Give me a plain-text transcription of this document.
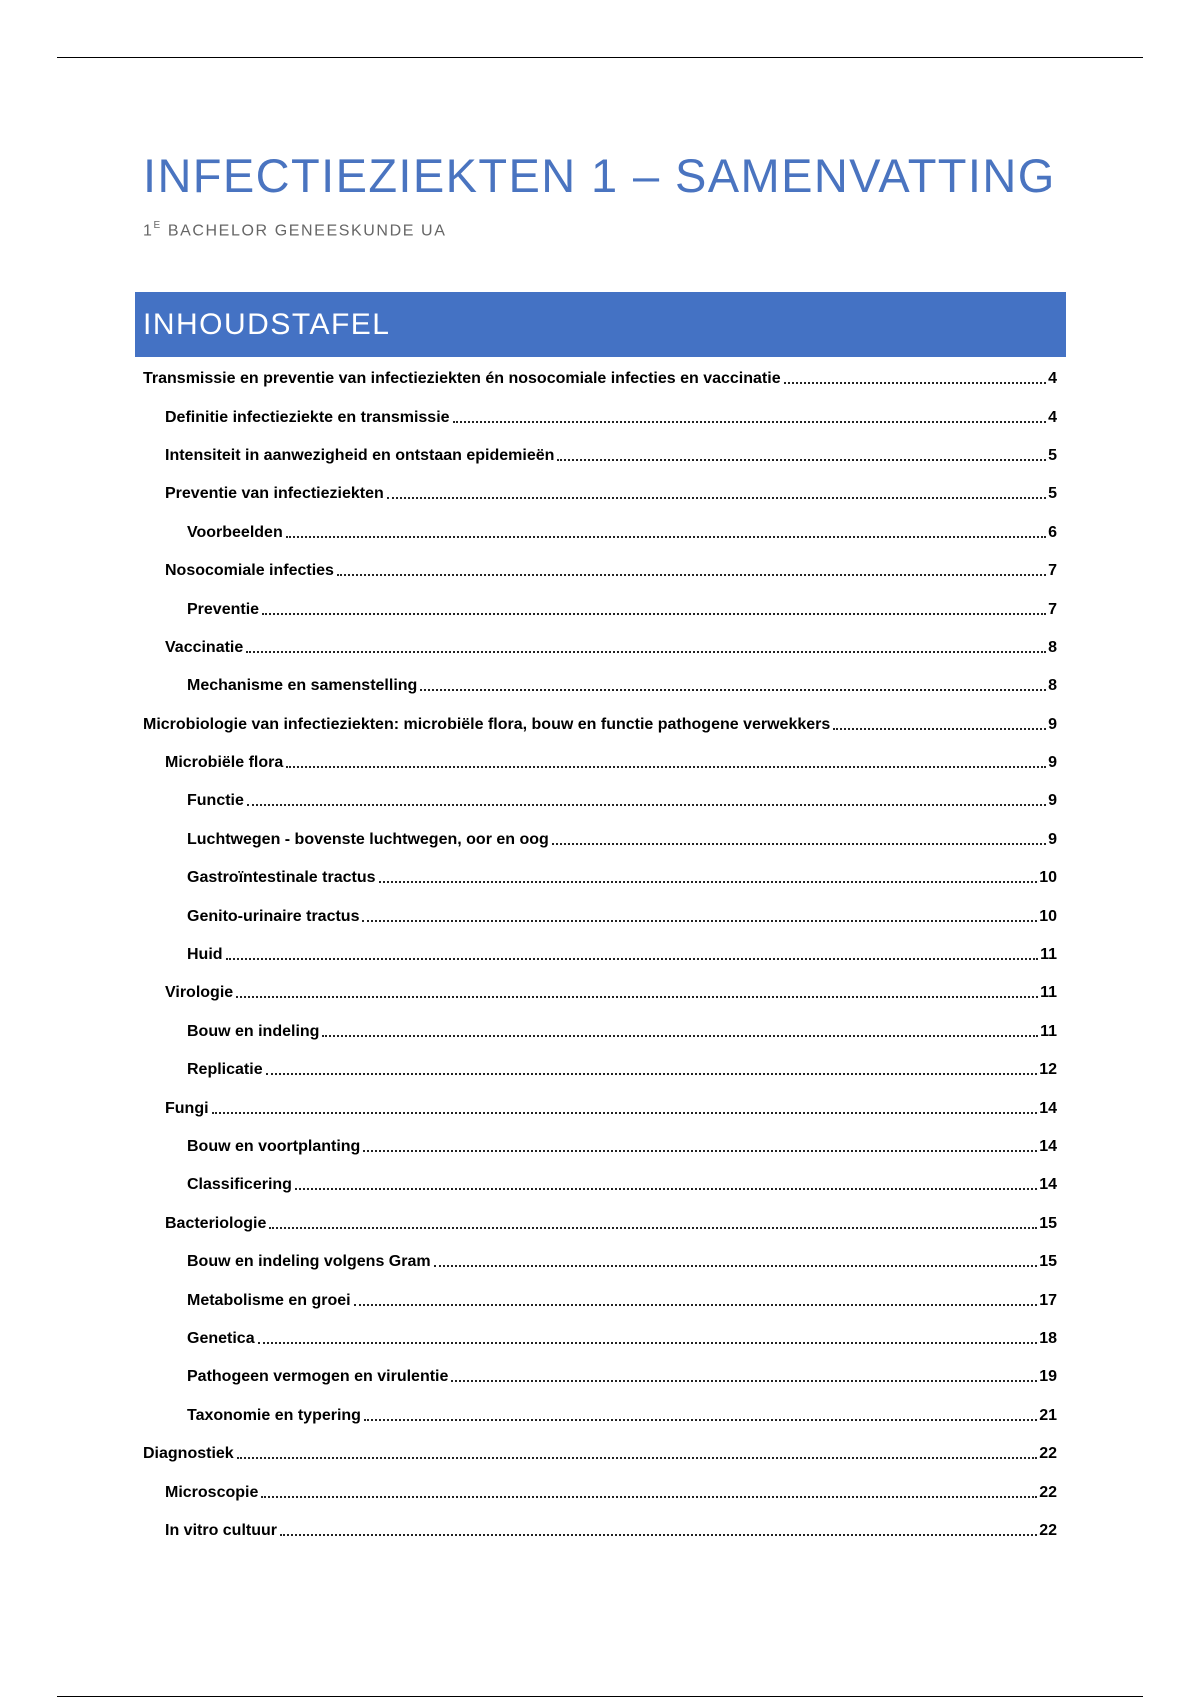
INFECTIEZIEKTEN 1 – SAMENVATTING
$1^E$ BACHELOR GENEESKUNDE UA
INHOUDSTAFEL
Transmissie en preventie van infectieziekten én nosocomiale infecties en vaccinatie	4
Definitie infectieziekte en transmissie	4
Intensiteit in aanwezigheid en ontstaan epidemieën	5
Preventie van infectieziekten	5
Voorbeelden	6
Nosocomiale infecties	7
Preventie	7
Vaccinatie	8
Mechanisme en samenstelling	8
Microbiologie van infectieziekten: microbiële flora, bouw en functie pathogene verwekkers	9
Microbiële flora	9
Functie	9
Luchtwegen - bovenste luchtwegen, oor en oog	9
Gastroïntestinale tractus	10
Genito-urinaire tractus	10
Huid	11
Virologie	11
Bouw en indeling	11
Replicatie	12
Fungi	14
Bouw en voortplanting	14
Classificering	14
Bacteriologie	15
Bouw en indeling volgens Gram	15
Metabolisme en groei	17
Genetica	18
Pathogeen vermogen en virulentie	19
Taxonomie en typering	21
Diagnostiek	22
Microscopie	22
In vitro cultuur	22
